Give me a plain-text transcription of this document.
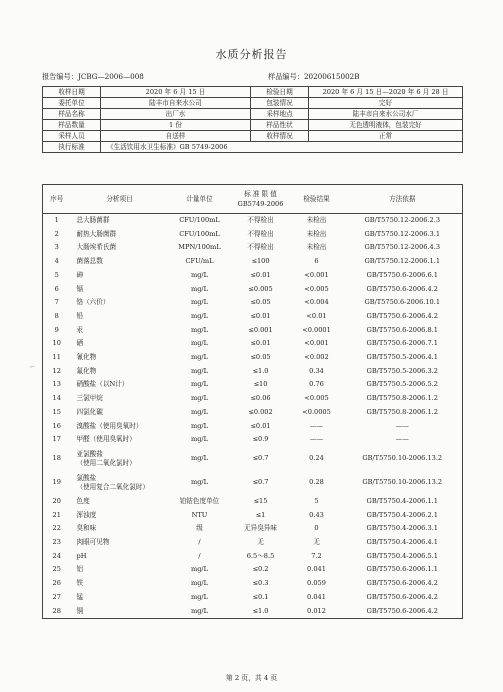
水质分析报告
报告编号：JCBG—2006—008	样品编号：20200615002B
收样日期	2020 年 6 月 15 日	检验日期	2020 年 6 月 15 日—2020 年 6 月 28 日
委托单位	陆丰市自来水公司	包装情况	完好
样品名称	出厂水	采样地点	陆丰市自来水公司水厂
样品数量	1 份	样品性状	无色透明液体，包装完好
采样人员	自送样	收样情况	正常
执行标准	《生活饮用水卫生标准》GB 5749-2006		
序号	分析项目	计量单位	标 准 限 值
GB5749-2006	检验结果	方法依据
1	总大肠菌群	CFU/100mL	不得检出	未检出	GB/T5750.12-2006.2.3
2	耐热大肠菌群	CFU/100mL	不得检出	未检出	GB/T5750.12-2006.3.1
3	大肠埃希氏菌	MPN/100mL	不得检出	未检出	GB/T5750.12-2006.4.3
4	菌落总数	CFU/mL	≤100	6	GB/T5750.12-2006.1.1
5	砷	mg/L	≤0.01	<0.001	GB/T5750.6-2006.6.1
6	镉	mg/L	≤0.005	<0.005	GB/T5750.6-2006.4.2
7	铬（六价）	mg/L	≤0.05	<0.004	GB/T5750.6-2006.10.1
8	铅	mg/L	≤0.01	<0.01	GB/T5750.6-2006.4.2
9	汞	mg/L	≤0.001	<0.0001	GB/T5750.6-2006.8.1
10	硒	mg/L	≤0.01	<0.001	GB/T5750.6-2006.7.1
11	氰化物	mg/L	≤0.05	<0.002	GB/T5750.5-2006.4.1
12	氟化物	mg/L	≤1.0	0.34	GB/T5750.5-2006.3.2
13	硝酸盐（以N计）	mg/L	≤10	0.76	GB/T5750.5-2006.5.2
14	三氯甲烷	mg/L	≤0.06	<0.005	GB/T5750.8-2006.1.2
15	四氯化碳	mg/L	≤0.002	<0.0005	GB/T5750.8-2006.1.2
16	溴酸盐（使用臭氧时）	mg/L	≤0.01	——	——
17	甲醛（使用臭氧时）	mg/L	≤0.9	——	——
18	亚氯酸盐
（使用二氧化氯时）	mg/L	≤0.7	0.24	GB/T5750.10-2006.13.2
19	氯酸盐
（使用复合二氧化氯时）	mg/L	≤0.7	0.28	GB/T5750.10-2006.13.2
20	色度	铂钴色度单位	≤15	5	GB/T5750.4-2006.1.1
21	浑浊度	NTU	≤1	0.43	GB/T5750.4-2006.2.1
22	臭和味	级	无异臭异味	0	GB/T5750.4-2006.3.1
23	肉眼可见物	/	无	无	GB/T5750.4-2006.4.1
24	pH	/	6.5～8.5	7.2	GB/T5750.4-2006.5.1
25	铝	mg/L	≤0.2	0.041	GB/T5750.6-2006.1.1
26	铁	mg/L	≤0.3	0.059	GB/T5750.6-2006.4.2
27	锰	mg/L	≤0.1	0.041	GB/T5750.6-2006.4.2
28	铜	mg/L	≤1.0	0.012	GB/T5750.6-2006.4.2
⌐
第 2 页，共 4 页
